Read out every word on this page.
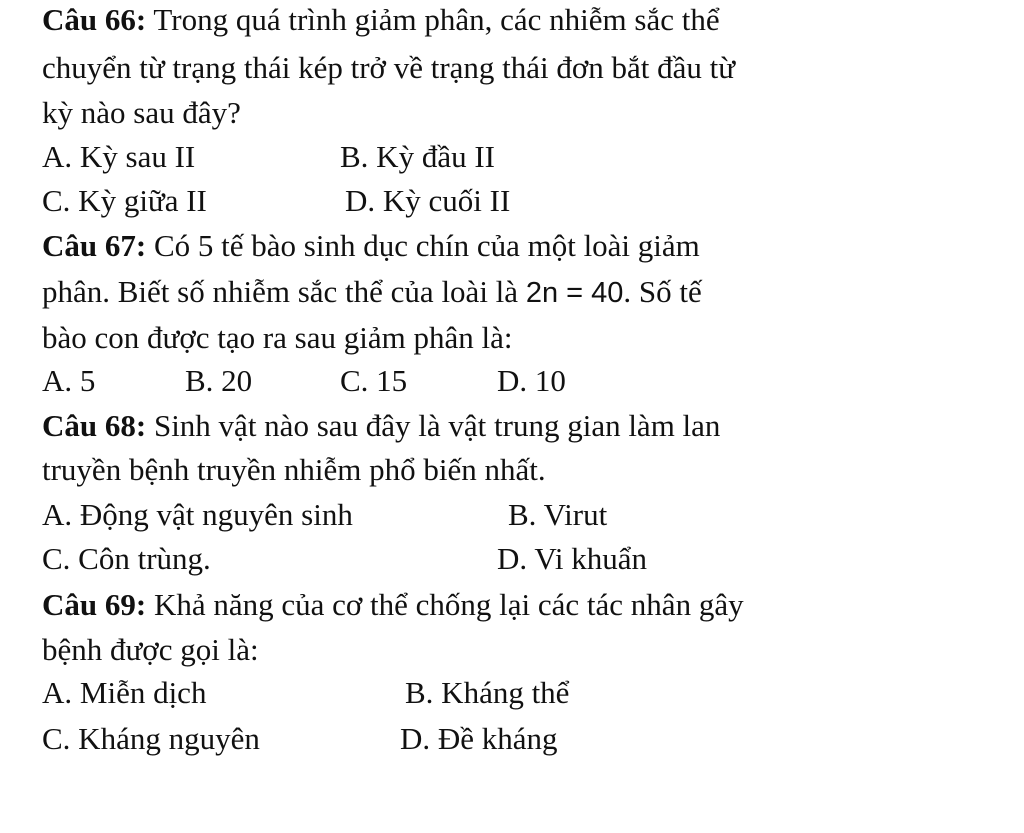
Câu 66: Trong quá trình giảm phân, các nhiễm sắc thể
chuyển từ trạng thái kép trở về trạng thái đơn bắt đầu từ
kỳ nào sau đây?
A. Kỳ sau II	B. Kỳ đầu II
C. Kỳ giữa II	D. Kỳ cuối II
Câu 67: Có 5 tế bào sinh dục chín của một loài giảm
phân. Biết số nhiễm sắc thể của loài là 2n = 40. Số tế
bào con được tạo ra sau giảm phân là:
A. 5	B. 20	C. 15	D. 10
Câu 68: Sinh vật nào sau đây là vật trung gian làm lan
truyền bệnh truyền nhiễm phổ biến nhất.
A. Động vật nguyên sinh	B. Virut
C. Côn trùng.	D. Vi khuẩn
Câu 69: Khả năng của cơ thể chống lại các tác nhân gây
bệnh được gọi là:
A. Miễn dịch	B. Kháng thể
C. Kháng nguyên	D. Đề kháng
